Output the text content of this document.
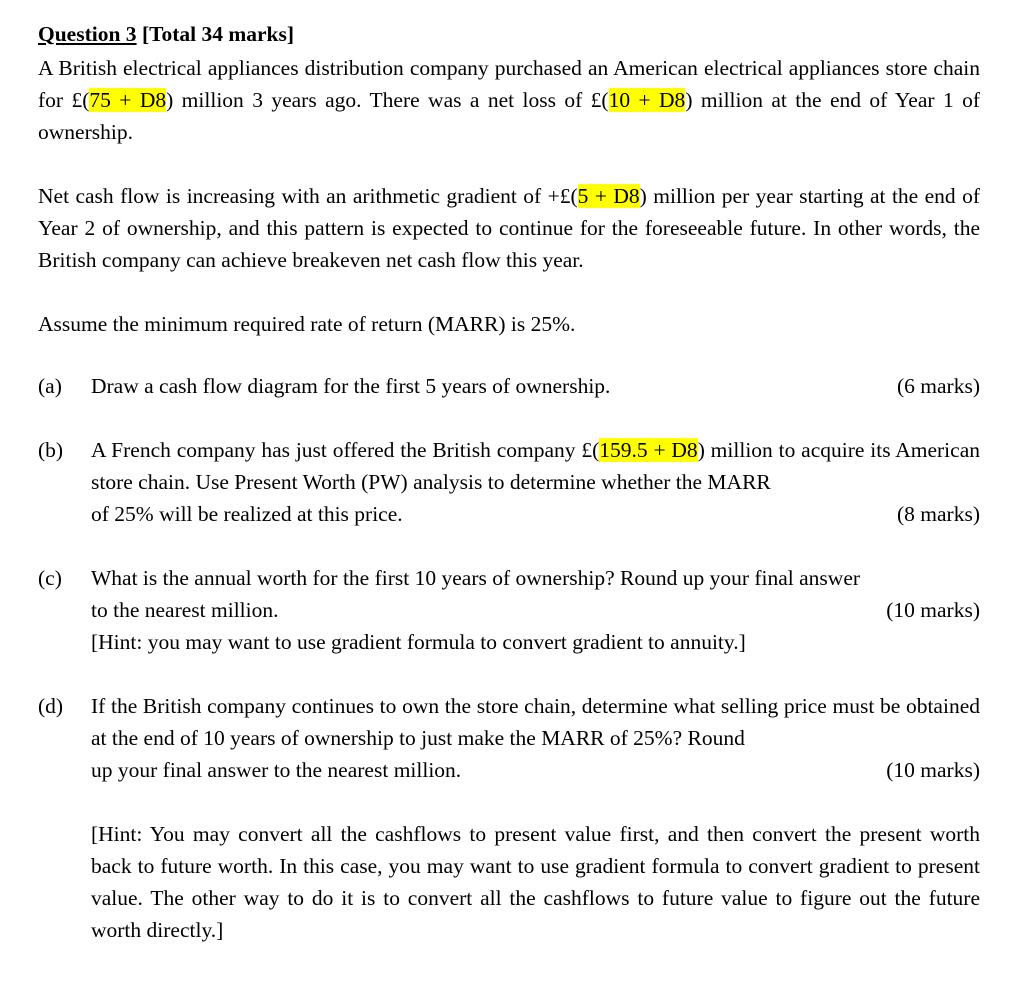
Question 3 [Total 34 marks]

A British electrical appliances distribution company purchased an American electrical appliances store chain for £(75 + D8) million 3 years ago. There was a net loss of £(10 + D8) million at the end of Year 1 of ownership.

Net cash flow is increasing with an arithmetic gradient of +£(5 + D8) million per year starting at the end of Year 2 of ownership, and this pattern is expected to continue for the foreseeable future. In other words, the British company can achieve breakeven net cash flow this year.

Assume the minimum required rate of return (MARR) is 25%.

(a)	Draw a cash flow diagram for the first 5 years of ownership.	(6 marks)
(b)	A French company has just offered the British company £(159.5 + D8) million to acquire its American store chain. Use Present Worth (PW) analysis to determine whether the MARR

of 25% will be realized at this price.	(8 marks)
(c)	What is the annual worth for the first 10 years of ownership? Round up your final answer

to the nearest million.	(10 marks)

[Hint: you may want to use gradient formula to convert gradient to annuity.]

(d)	If the British company continues to own the store chain, determine what selling price must be obtained at the end of 10 years of ownership to just make the MARR of 25%? Round

up your final answer to the nearest million.	(10 marks)

[Hint: You may convert all the cashflows to present value first, and then convert the present worth back to future worth. In this case, you may want to use gradient formula to convert gradient to present value. The other way to do it is to convert all the cashflows to future value to figure out the future worth directly.]
